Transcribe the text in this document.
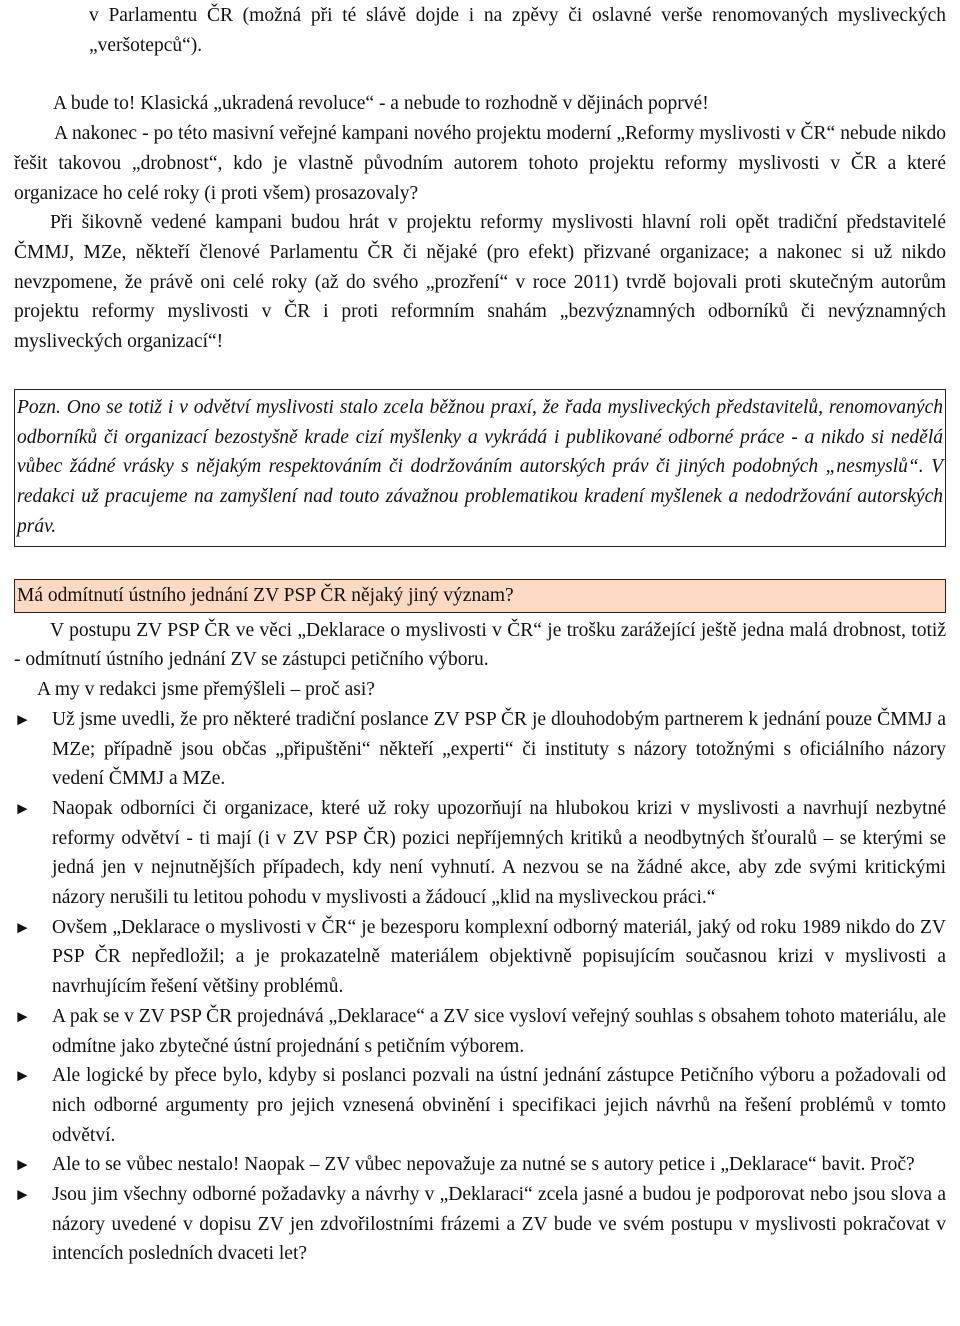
v Parlamentu ČR (možná při té slávě dojde i na zpěvy či oslavné verše renomovaných mysliveckých „veršotepců“).

A bude to! Klasická „ukradená revoluce“ - a nebude to rozhodně v dějinách poprvé!

A nakonec - po této masivní veřejné kampani nového projektu moderní „Reformy myslivosti v ČR“ nebude nikdo řešit takovou „drobnost“, kdo je vlastně původním autorem tohoto projektu reformy myslivosti v ČR a které organizace ho celé roky (i proti všem) prosazovaly?

Při šikovně vedené kampani budou hrát v projektu reformy myslivosti hlavní roli opět tradiční představitelé ČMMJ, MZe, někteří členové Parlamentu ČR či nějaké (pro efekt) přizvané organizace; a nakonec si už nikdo nevzpomene, že právě oni celé roky (až do svého „prozření“ v roce 2011) tvrdě bojovali proti skutečným autorům projektu reformy myslivosti v ČR i proti reformním snahám „bezvýznamných odborníků či nevýznamných mysliveckých organizací“!

Pozn. Ono se totiž i v odvětví myslivosti stalo zcela běžnou praxí, že řada mysliveckých představitelů, renomovaných odborníků či organizací bezostyšně krade cizí myšlenky a vykrádá i publikované odborné práce - a nikdo si nedělá vůbec žádné vrásky s nějakým respektováním či dodržováním autorských práv či jiných podobných „nesmyslů“. V redakci už pracujeme na zamyšlení nad touto závažnou problematikou kradení myšlenek a nedodržování autorských práv.

Má odmítnutí ústního jednání ZV PSP ČR nějaký jiný význam?

V postupu ZV PSP ČR ve věci „Deklarace o myslivosti v ČR“ je trošku zarážející ještě jedna malá drobnost, totiž - odmítnutí ústního jednání ZV se zástupci petičního výboru.

A my v redakci jsme přemýšleli – proč asi?

► Už jsme uvedli, že pro některé tradiční poslance ZV PSP ČR je dlouhodobým partnerem k jednání pouze ČMMJ a MZe; případně jsou občas „připuštěni“ někteří „experti“ či instituty s názory totožnými s oficiálního názory vedení ČMMJ a MZe.
► Naopak odborníci či organizace, které už roky upozorňují na hlubokou krizi v myslivosti a navrhují nezbytné reformy odvětví - ti mají (i v ZV PSP ČR) pozici nepříjemných kritiků a neodbytných šťouralů – se kterými se jedná jen v nejnutnějších případech, kdy není vyhnutí. A nezvou se na žádné akce, aby zde svými kritickými názory nerušili tu letitou pohodu v myslivosti a žádoucí „klid na mysliveckou práci.“
► Ovšem „Deklarace o myslivosti v ČR“ je bezesporu komplexní odborný materiál, jaký od roku 1989 nikdo do ZV PSP ČR nepředložil; a je prokazatelně materiálem objektivně popisujícím současnou krizi v myslivosti a navrhujícím řešení většiny problémů.
► A pak se v ZV PSP ČR projednává „Deklarace“ a ZV sice vysloví veřejný souhlas s obsahem tohoto materiálu, ale odmítne jako zbytečné ústní projednání s petičním výborem.
► Ale logické by přece bylo, kdyby si poslanci pozvali na ústní jednání zástupce Petičního výboru a požadovali od nich odborné argumenty pro jejich vznesená obvinění i specifikaci jejich návrhů na řešení problémů v tomto odvětví.
► Ale to se vůbec nestalo! Naopak – ZV vůbec nepovažuje za nutné se s autory petice i „Deklarace“ bavit. Proč?
► Jsou jim všechny odborné požadavky a návrhy v „Deklaraci“ zcela jasné a budou je podporovat nebo jsou slova a názory uvedené v dopisu ZV jen zdvořilostními frázemi a ZV bude ve svém postupu v myslivosti pokračovat v intencích posledních dvaceti let?
